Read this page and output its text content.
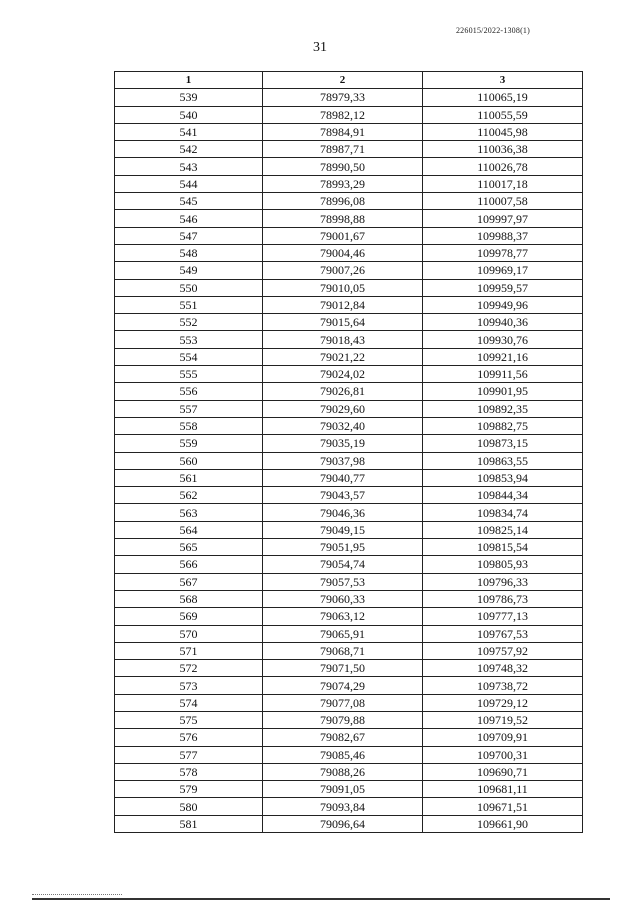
226015/2022-1308(1)
31
1	2	3
539	78979,33	110065,19
540	78982,12	110055,59
541	78984,91	110045,98
542	78987,71	110036,38
543	78990,50	110026,78
544	78993,29	110017,18
545	78996,08	110007,58
546	78998,88	109997,97
547	79001,67	109988,37
548	79004,46	109978,77
549	79007,26	109969,17
550	79010,05	109959,57
551	79012,84	109949,96
552	79015,64	109940,36
553	79018,43	109930,76
554	79021,22	109921,16
555	79024,02	109911,56
556	79026,81	109901,95
557	79029,60	109892,35
558	79032,40	109882,75
559	79035,19	109873,15
560	79037,98	109863,55
561	79040,77	109853,94
562	79043,57	109844,34
563	79046,36	109834,74
564	79049,15	109825,14
565	79051,95	109815,54
566	79054,74	109805,93
567	79057,53	109796,33
568	79060,33	109786,73
569	79063,12	109777,13
570	79065,91	109767,53
571	79068,71	109757,92
572	79071,50	109748,32
573	79074,29	109738,72
574	79077,08	109729,12
575	79079,88	109719,52
576	79082,67	109709,91
577	79085,46	109700,31
578	79088,26	109690,71
579	79091,05	109681,11
580	79093,84	109671,51
581	79096,64	109661,90
